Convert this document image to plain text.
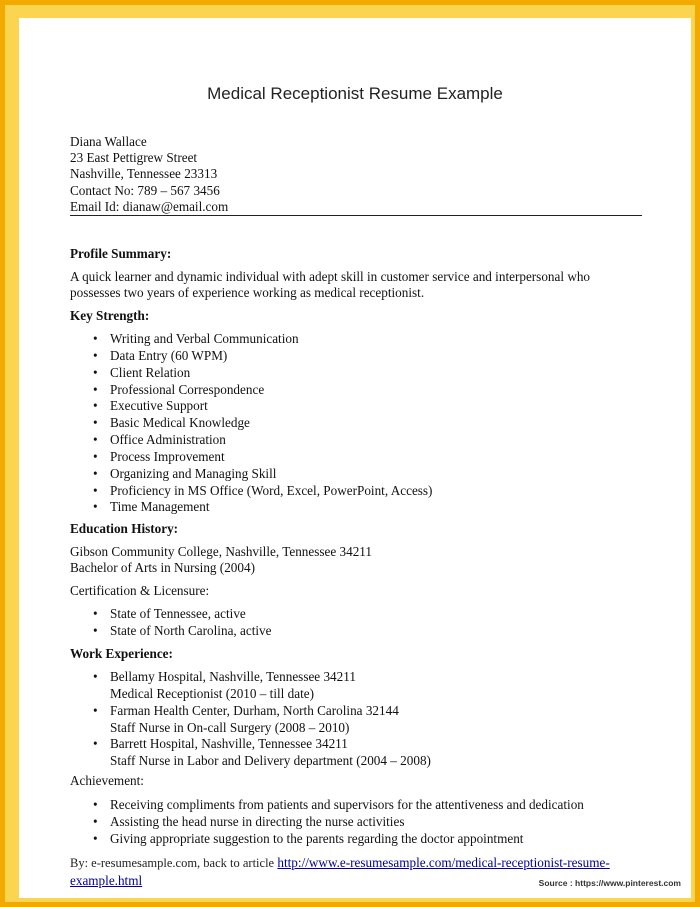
Medical Receptionist Resume Example
Diana Wallace
23 East Pettigrew Street
Nashville, Tennessee 23313
Contact No: 789 – 567 3456
Email Id: dianaw@email.com
Profile Summary:
A quick learner and dynamic individual with adept skill in customer service and interpersonal who
possesses two years of experience working as medical receptionist.
Key Strength:
• Writing and Verbal Communication
• Data Entry (60 WPM)
• Client Relation
• Professional Correspondence
• Executive Support
• Basic Medical Knowledge
• Office Administration
• Process Improvement
• Organizing and Managing Skill
• Proficiency in MS Office (Word, Excel, PowerPoint, Access)
• Time Management
Education History:
Gibson Community College, Nashville, Tennessee 34211
Bachelor of Arts in Nursing (2004)
Certification & Licensure:
• State of Tennessee, active
• State of North Carolina, active
Work Experience:
• Bellamy Hospital, Nashville, Tennessee 34211
Medical Receptionist (2010 – till date)
• Farman Health Center, Durham, North Carolina 32144
Staff Nurse in On-call Surgery (2008 – 2010)
• Barrett Hospital, Nashville, Tennessee 34211
Staff Nurse in Labor and Delivery department (2004 – 2008)
Achievement:
• Receiving compliments from patients and supervisors for the attentiveness and dedication
• Assisting the head nurse in directing the nurse activities
• Giving appropriate suggestion to the parents regarding the doctor appointment
By: e-resumesample.com, back to article http://www.e-resumesample.com/medical-receptionist-resume-
example.html	Source : https://www.pinterest.com
